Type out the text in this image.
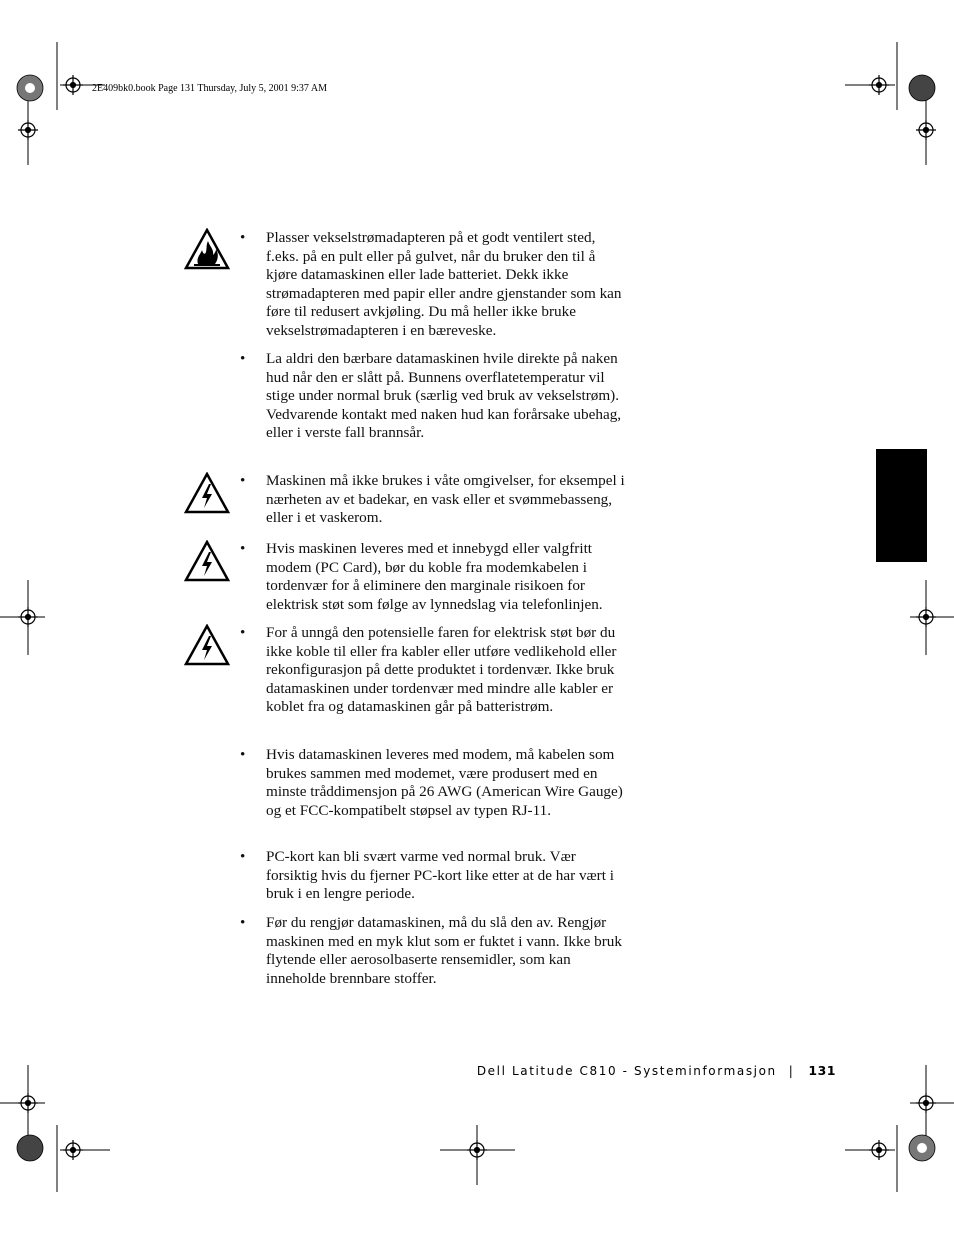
2E409bk0.book Page 131 Thursday, July 5, 2001 9:37 AM
•	Plasser vekselstrømadapteren på et godt ventilert sted, f.eks. på en pult eller på gulvet, når du bruker den til å kjøre datamaskinen eller lade batteriet. Dekk ikke strømadapteren med papir eller andre gjenstander som kan føre til redusert avkjøling. Du må heller ikke bruke vekselstrømadapteren i en bæreveske.
•	La aldri den bærbare datamaskinen hvile direkte på naken hud når den er slått på. Bunnens overflatetemperatur vil stige under normal bruk (særlig ved bruk av vekselstrøm). Vedvarende kontakt med naken hud kan forårsake ubehag, eller i verste fall brannsår.
•	Maskinen må ikke brukes i våte omgivelser, for eksempel i nærheten av et badekar, en vask eller et svømmebasseng, eller i et vaskerom.
•	Hvis maskinen leveres med et innebygd eller valgfritt modem (PC Card), bør du koble fra modemkabelen i tordenvær for å eliminere den marginale risikoen for elektrisk støt som følge av lynnedslag via telefonlinjen.
•	For å unngå den potensielle faren for elektrisk støt bør du ikke koble til eller fra kabler eller utføre vedlikehold eller rekonfigurasjon på dette produktet i tordenvær. Ikke bruk datamaskinen under tordenvær med mindre alle kabler er koblet fra og datamaskinen går på batteristrøm.
•	Hvis datamaskinen leveres med modem, må kabelen som brukes sammen med modemet, være produsert med en minste tråddimensjon på 26 AWG (American Wire Gauge) og et FCC-kompatibelt støpsel av typen RJ-11.
•	PC-kort kan bli svært varme ved normal bruk. Vær forsiktig hvis du fjerner PC-kort like etter at de har vært i bruk i en lengre periode.
•	Før du rengjør datamaskinen, må du slå den av. Rengjør maskinen med en myk klut som er fuktet i vann. Ikke bruk flytende eller aerosolbaserte rensemidler, som kan inneholde brennbare stoffer.
Dell Latitude C810 - Systeminformasjon | 131
